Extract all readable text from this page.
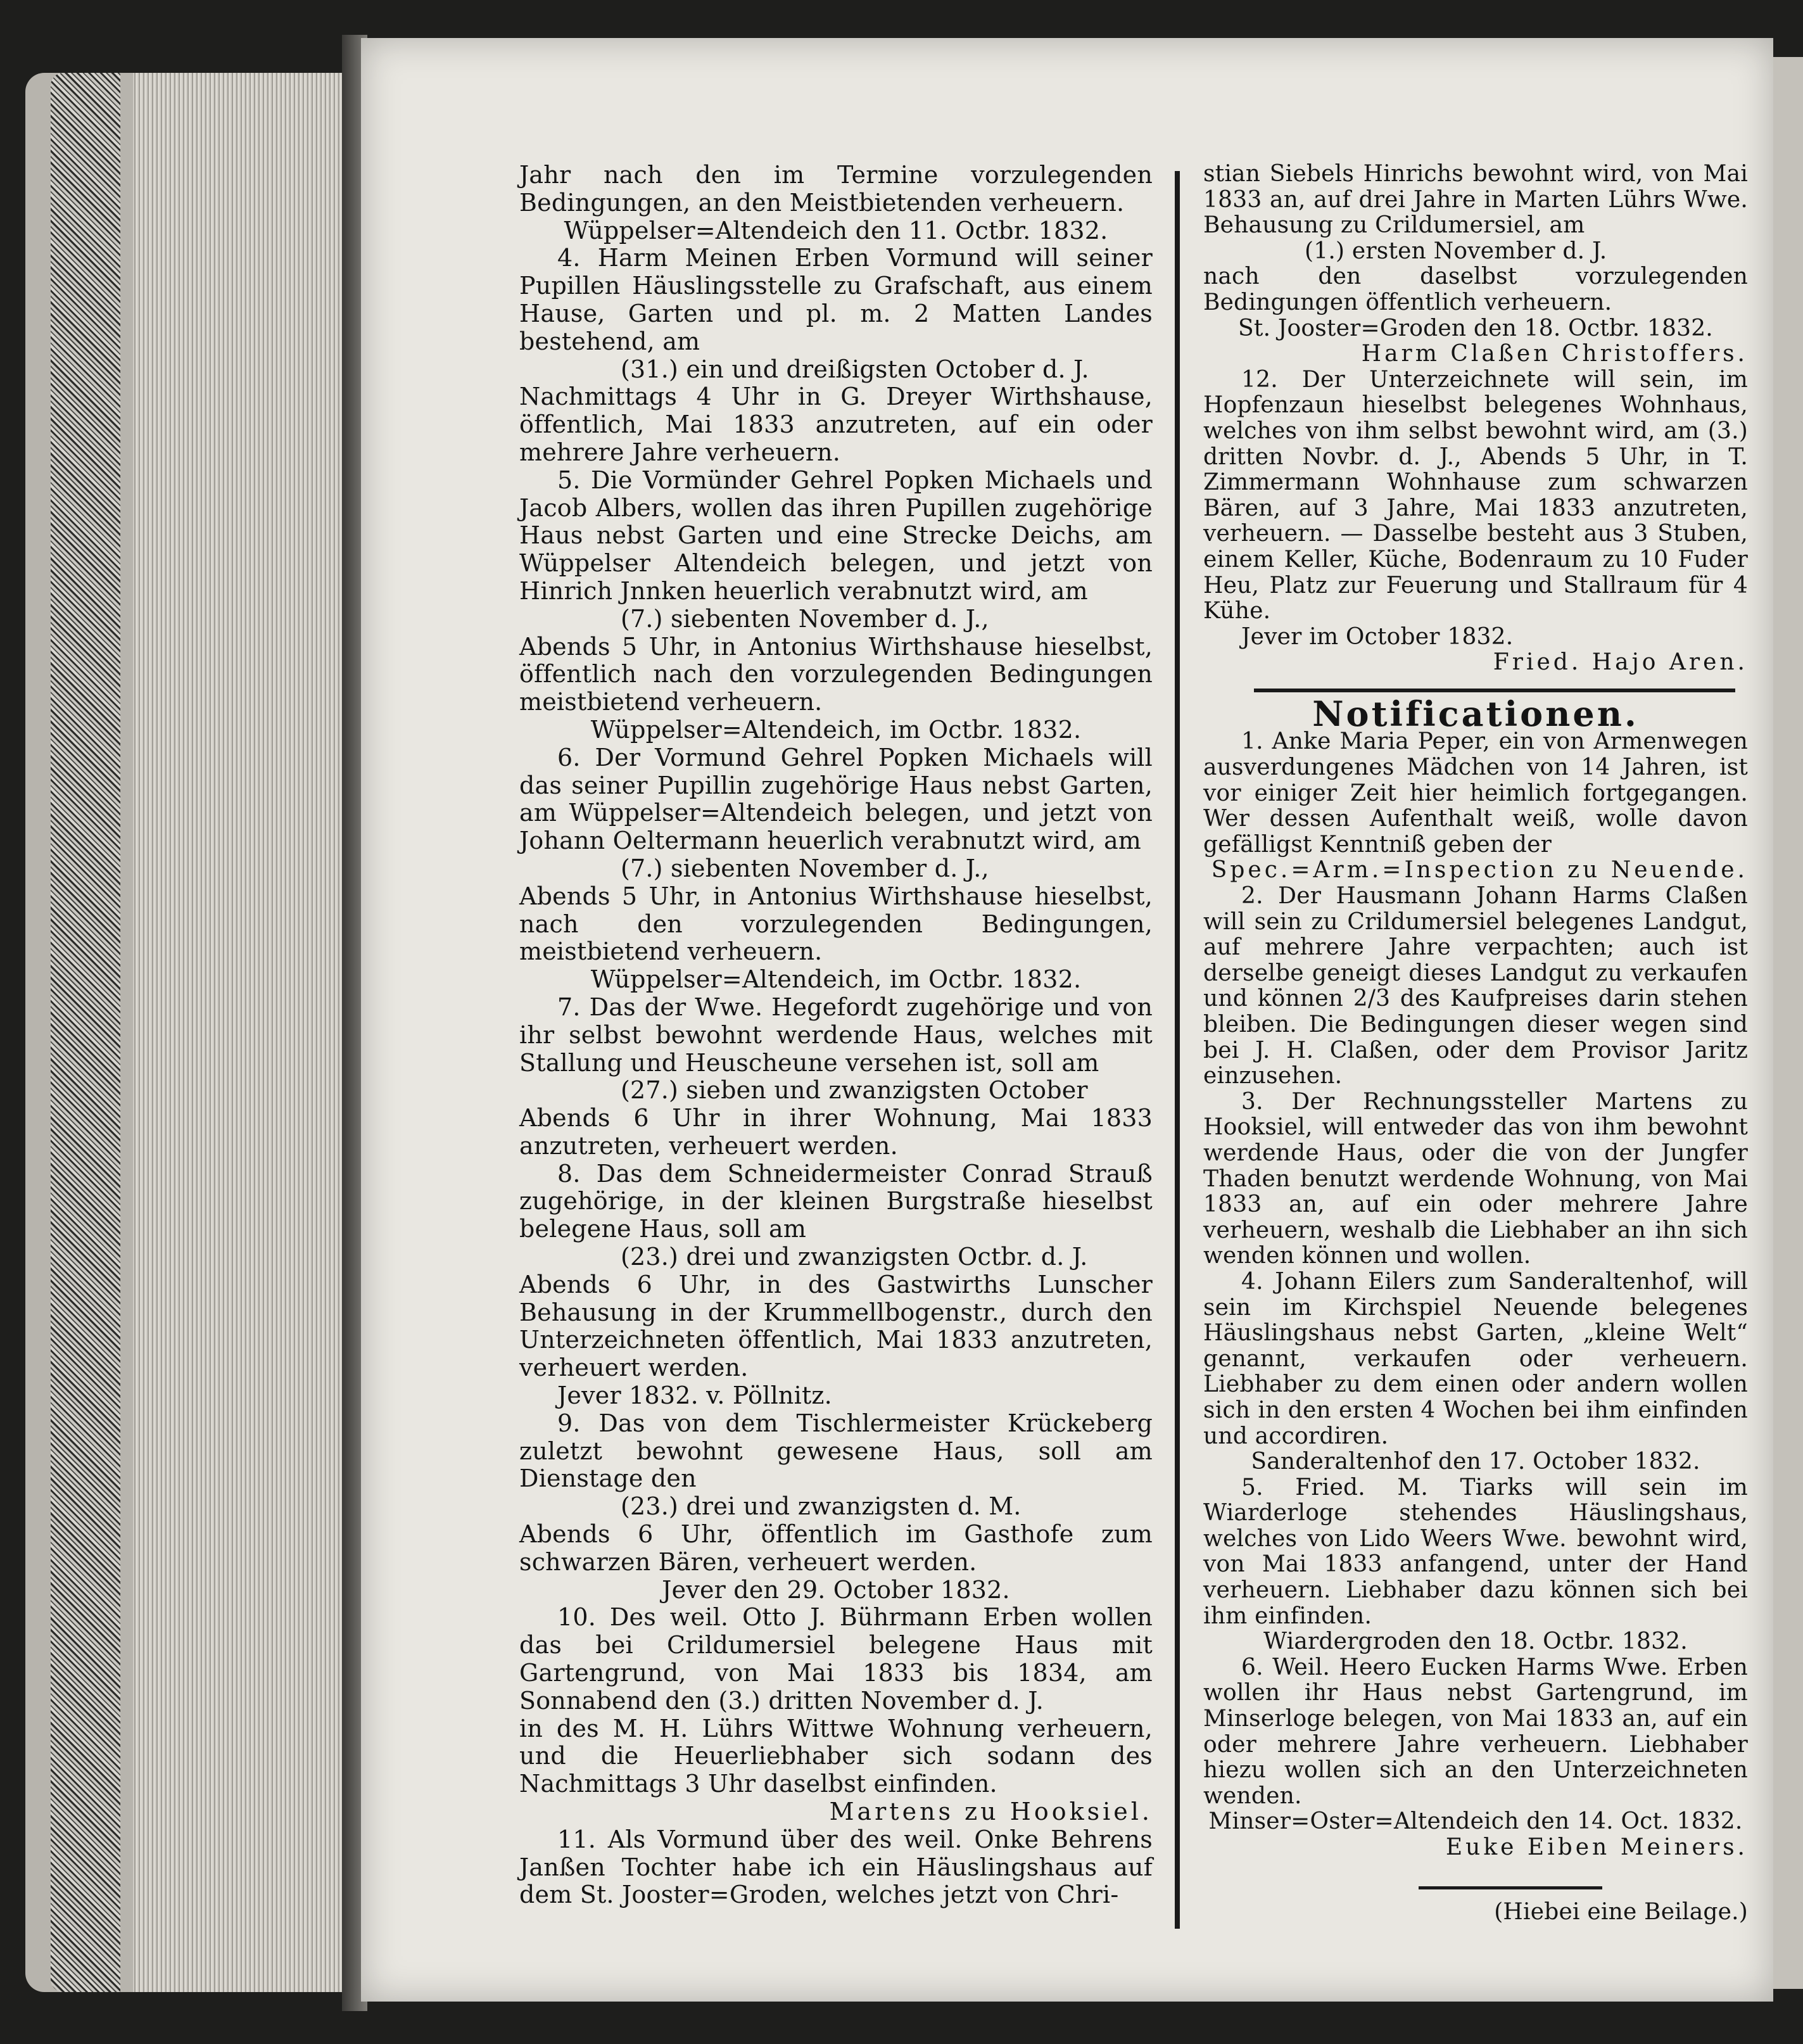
Jahr nach den im Termine vorzulegenden Bedingungen, an den Meistbietenden verheuern.

Wüppelser=Altendeich den 11. Octbr. 1832.

4. Harm Meinen Erben Vormund will seiner Pupillen Häuslingsstelle zu Grafschaft, aus einem Hause, Garten und pl. m. 2 Matten Landes bestehend, am

(31.) ein und dreißigsten October d. J.

Nachmittags 4 Uhr in G. Dreyer Wirthshause, öffentlich, Mai 1833 anzutreten, auf ein oder mehrere Jahre verheuern.

5. Die Vormünder Gehrel Popken Michaels und Jacob Albers, wollen das ihren Pupillen zugehörige Haus nebst Garten und eine Strecke Deichs, am Wüppelser Altendeich belegen, und jetzt von Hinrich Jnnken heuerlich verabnutzt wird, am

(7.) siebenten November d. J.,

Abends 5 Uhr, in Antonius Wirthshause hieselbst, öffentlich nach den vorzulegenden Bedingungen meistbietend verheuern.

Wüppelser=Altendeich, im Octbr. 1832.

6. Der Vormund Gehrel Popken Michaels will das seiner Pupillin zugehörige Haus nebst Garten, am Wüppelser=Altendeich belegen, und jetzt von Johann Oeltermann heuerlich verabnutzt wird, am

(7.) siebenten November d. J.,

Abends 5 Uhr, in Antonius Wirthshause hieselbst, nach den vorzulegenden Bedingungen, meistbietend verheuern.

Wüppelser=Altendeich, im Octbr. 1832.

7. Das der Wwe. Hegefordt zugehörige und von ihr selbst bewohnt werdende Haus, welches mit Stallung und Heuscheune versehen ist, soll am

(27.) sieben und zwanzigsten October

Abends 6 Uhr in ihrer Wohnung, Mai 1833 anzutreten, verheuert werden.

8. Das dem Schneidermeister Conrad Strauß zugehörige, in der kleinen Burgstraße hieselbst belegene Haus, soll am

(23.) drei und zwanzigsten Octbr. d. J.

Abends 6 Uhr, in des Gastwirths Lunscher Behausung in der Krummellbogenstr., durch den Unterzeichneten öffentlich, Mai 1833 anzutreten, verheuert werden.

Jever 1832. v. Pöllnitz.

9. Das von dem Tischlermeister Krückeberg zuletzt bewohnt gewesene Haus, soll am Dienstage den

(23.) drei und zwanzigsten d. M.

Abends 6 Uhr, öffentlich im Gasthofe zum schwarzen Bären, verheuert werden.

Jever den 29. October 1832.

10. Des weil. Otto J. Bührmann Erben wollen das bei Crildumersiel belegene Haus mit Gartengrund, von Mai 1833 bis 1834, am Sonnabend den (3.) dritten November d. J.

in des M. H. Lührs Wittwe Wohnung verheuern, und die Heuerliebhaber sich sodann des Nachmittags 3 Uhr daselbst einfinden.

Martens zu Hooksiel.

11. Als Vormund über des weil. Onke Behrens Janßen Tochter habe ich ein Häuslingshaus auf dem St. Jooster=Groden, welches jetzt von Chri-

stian Siebels Hinrichs bewohnt wird, von Mai 1833 an, auf drei Jahre in Marten Lührs Wwe. Behausung zu Crildumersiel, am

(1.) ersten November d. J.

nach den daselbst vorzulegenden Bedingungen öffentlich verheuern.

St. Jooster=Groden den 18. Octbr. 1832.

Harm Claßen Christoffers.

12. Der Unterzeichnete will sein, im Hopfenzaun hieselbst belegenes Wohnhaus, welches von ihm selbst bewohnt wird, am (3.) dritten Novbr. d. J., Abends 5 Uhr, in T. Zimmermann Wohnhause zum schwarzen Bären, auf 3 Jahre, Mai 1833 anzutreten, verheuern. — Dasselbe besteht aus 3 Stuben, einem Keller, Küche, Bodenraum zu 10 Fuder Heu, Platz zur Feuerung und Stallraum für 4 Kühe.

Jever im October 1832.

Fried. Hajo Aren.

Notificationen.

1. Anke Maria Peper, ein von Armenwegen ausverdungenes Mädchen von 14 Jahren, ist vor einiger Zeit hier heimlich fortgegangen. Wer dessen Aufenthalt weiß, wolle davon gefälligst Kenntniß geben der

Spec.=Arm.=Inspection zu Neuende.

2. Der Hausmann Johann Harms Claßen will sein zu Crildumersiel belegenes Landgut, auf mehrere Jahre verpachten; auch ist derselbe geneigt dieses Landgut zu verkaufen und können 2/3 des Kaufpreises darin stehen bleiben. Die Bedingungen dieser wegen sind bei J. H. Claßen, oder dem Provisor Jaritz einzusehen.

3. Der Rechnungssteller Martens zu Hooksiel, will entweder das von ihm bewohnt werdende Haus, oder die von der Jungfer Thaden benutzt werdende Wohnung, von Mai 1833 an, auf ein oder mehrere Jahre verheuern, weshalb die Liebhaber an ihn sich wenden können und wollen.

4. Johann Eilers zum Sanderaltenhof, will sein im Kirchspiel Neuende belegenes Häuslingshaus nebst Garten, „kleine Welt“ genannt, verkaufen oder verheuern. Liebhaber zu dem einen oder andern wollen sich in den ersten 4 Wochen bei ihm einfinden und accordiren.

Sanderaltenhof den 17. October 1832.

5. Fried. M. Tiarks will sein im Wiarderloge stehendes Häuslingshaus, welches von Lido Weers Wwe. bewohnt wird, von Mai 1833 anfangend, unter der Hand verheuern. Liebhaber dazu können sich bei ihm einfinden.

Wiardergroden den 18. Octbr. 1832.

6. Weil. Heero Eucken Harms Wwe. Erben wollen ihr Haus nebst Gartengrund, im Minserloge belegen, von Mai 1833 an, auf ein oder mehrere Jahre verheuern. Liebhaber hiezu wollen sich an den Unterzeichneten wenden.

Minser=Oster=Altendeich den 14. Oct. 1832.

Euke Eiben Meiners.

(Hiebei eine Beilage.)
